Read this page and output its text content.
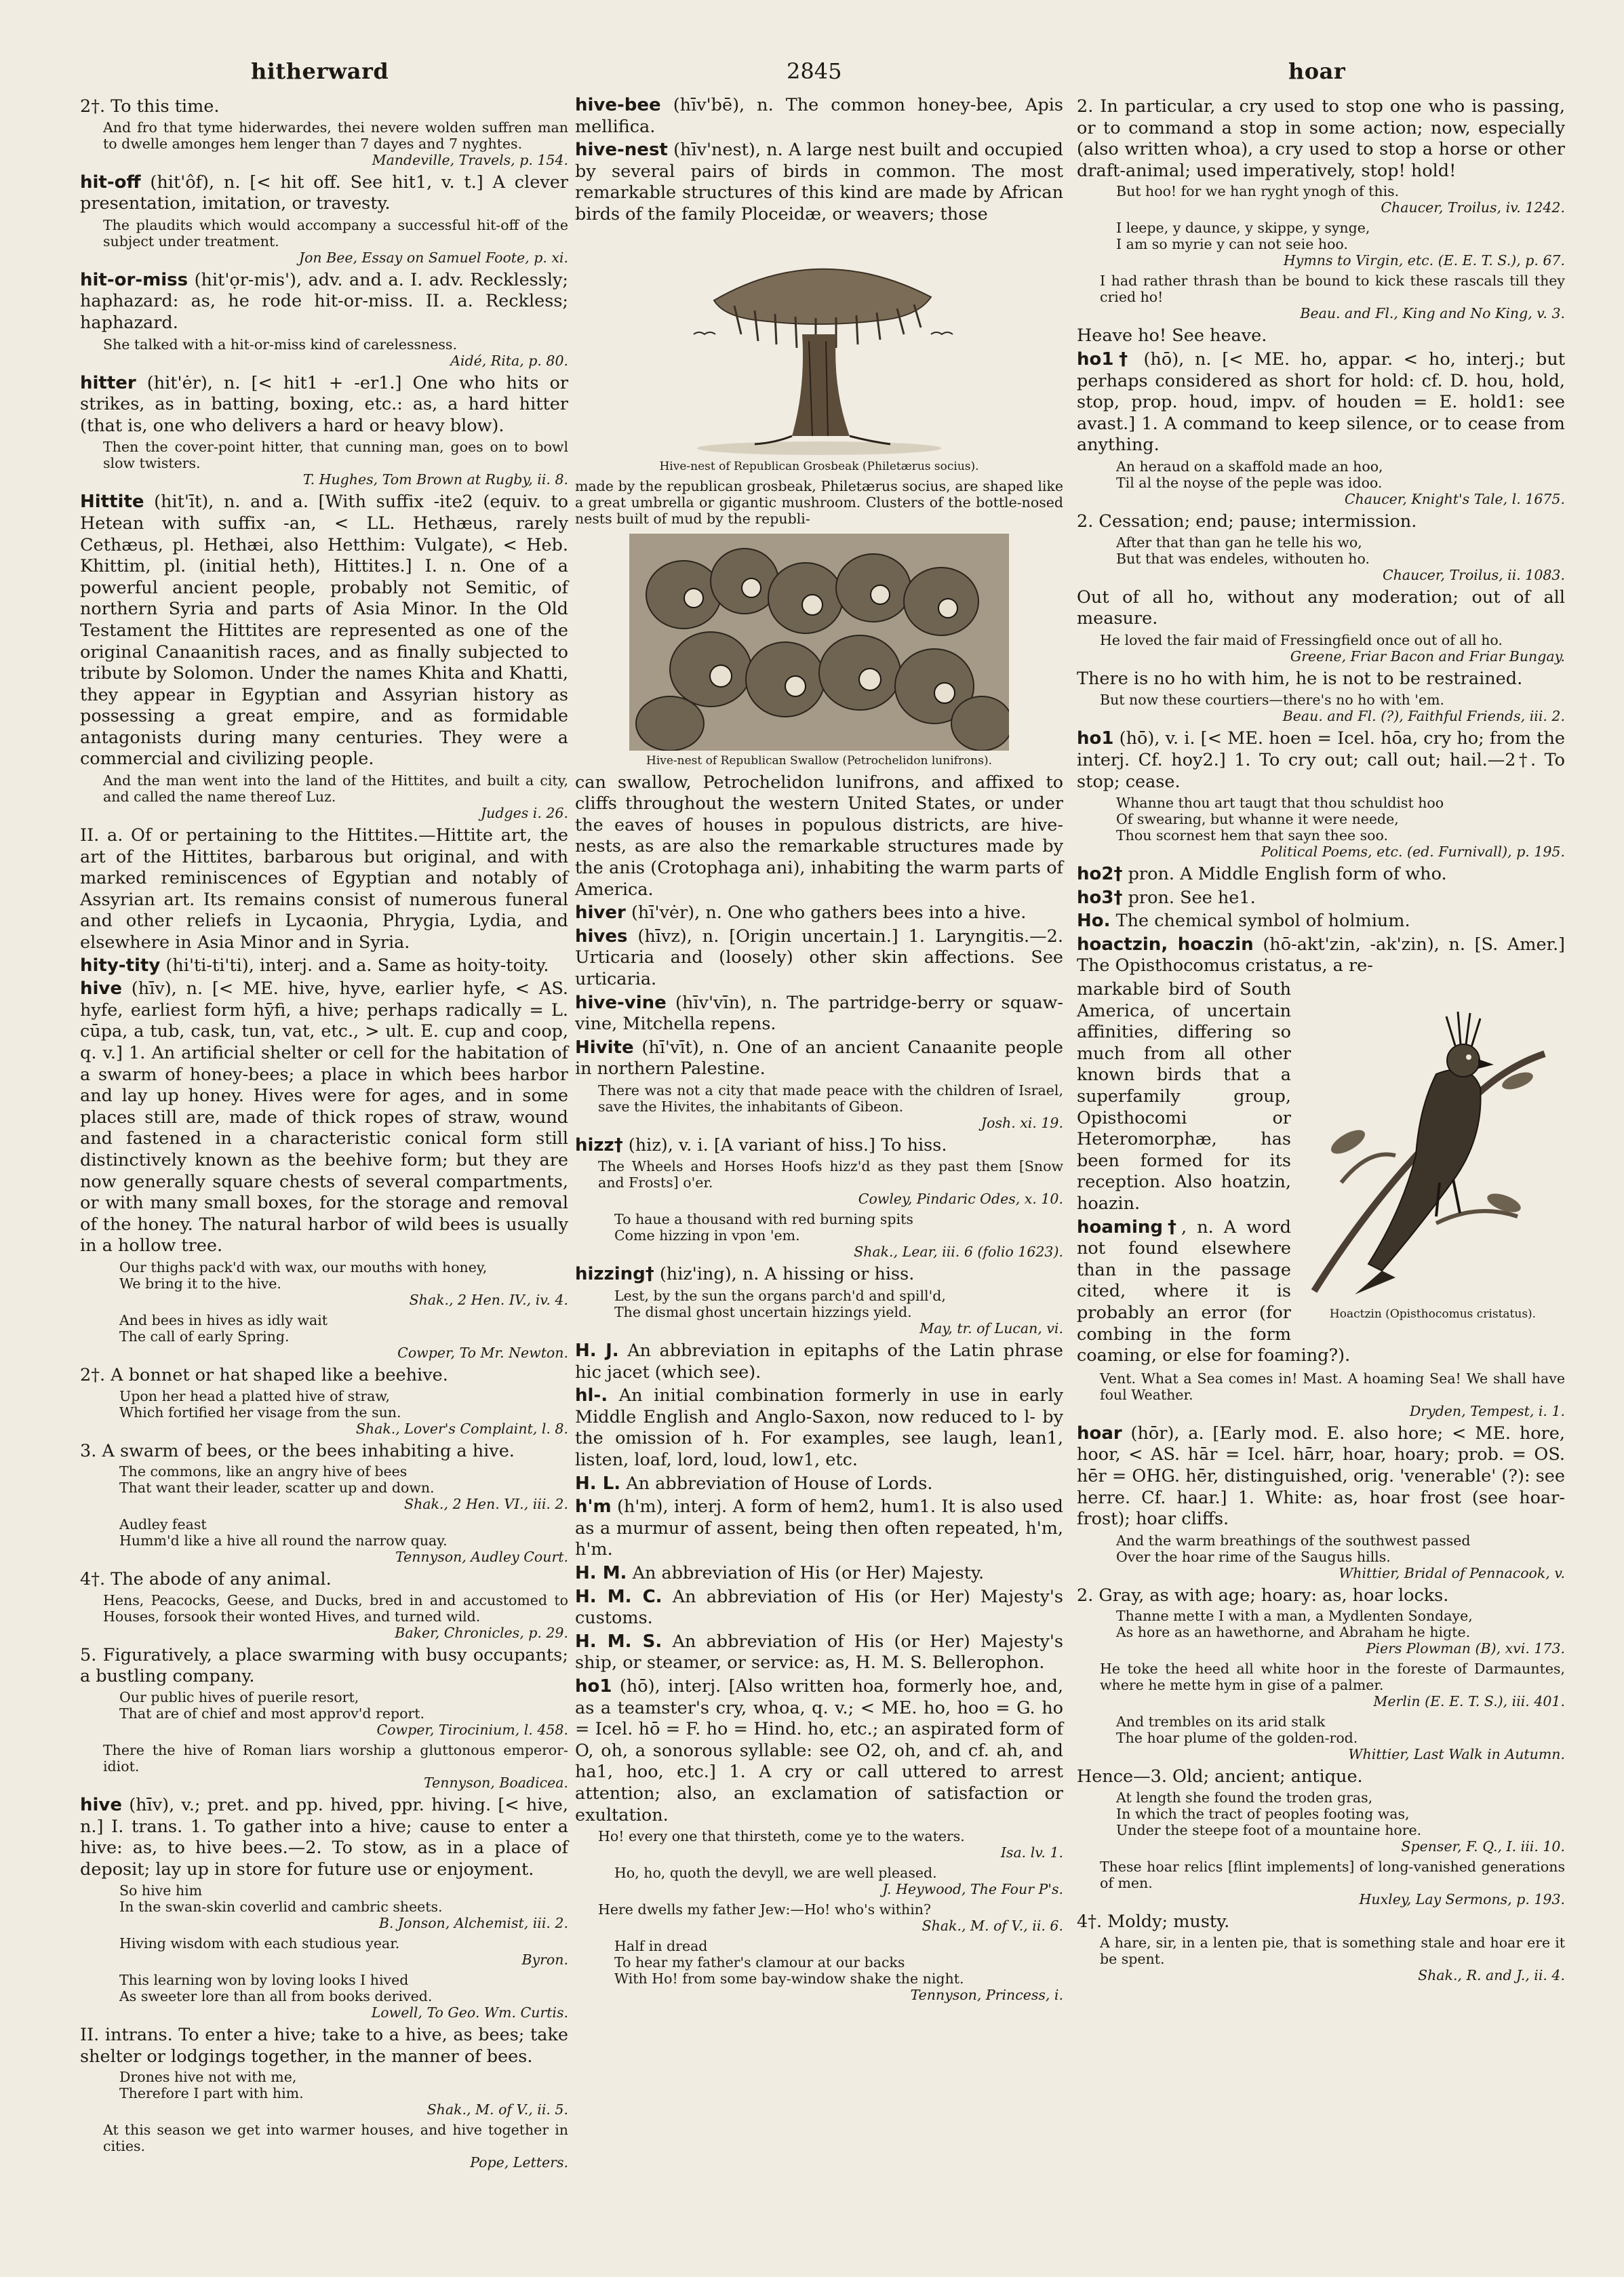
hitherward	2845	hoar
2†. To this time.
And fro that tyme hiderwardes, thei nevere wolden suffren man to dwelle amonges hem lenger than 7 dayes and 7 nyghtes.
Mandeville, Travels, p. 154.
hit-off (hit'ôf), n. [< hit off. See hit1, v. t.] A clever presentation, imitation, or travesty.
The plaudits which would accompany a successful hit-off of the subject under treatment.
Jon Bee, Essay on Samuel Foote, p. xi.
hit-or-miss (hit'ọr-mis'), adv. and a. I. adv. Recklessly; haphazard: as, he rode hit-or-miss. II. a. Reckless; haphazard.
She talked with a hit-or-miss kind of carelessness.
Aidé, Rita, p. 80.
hitter (hit'ėr), n. [< hit1 + -er1.] One who hits or strikes, as in batting, boxing, etc.: as, a hard hitter (that is, one who delivers a hard or heavy blow).
Then the cover-point hitter, that cunning man, goes on to bowl slow twisters.
T. Hughes, Tom Brown at Rugby, ii. 8.
Hittite (hit'īt), n. and a. [With suffix -ite2 (equiv. to Hetean with suffix -an, < LL. Hethæus, rarely Cethæus, pl. Hethæi, also Hetthim: Vulgate), < Heb. Khittim, pl. (initial heth), Hittites.] I. n. One of a powerful ancient people, probably not Semitic, of northern Syria and parts of Asia Minor. In the Old Testament the Hittites are represented as one of the original Canaanitish races, and as finally subjected to tribute by Solomon. Under the names Khita and Khatti, they appear in Egyptian and Assyrian history as possessing a great empire, and as formidable antagonists during many centuries. They were a commercial and civilizing people.
And the man went into the land of the Hittites, and built a city, and called the name thereof Luz.
Judges i. 26.
II. a. Of or pertaining to the Hittites.—Hittite art, the art of the Hittites, barbarous but original, and with marked reminiscences of Egyptian and notably of Assyrian art. Its remains consist of numerous funeral and other reliefs in Lycaonia, Phrygia, Lydia, and elsewhere in Asia Minor and in Syria.
hity-tity (hi'ti-ti'ti), interj. and a. Same as hoity-toity.
hive (hīv), n. [< ME. hive, hyve, earlier hyfe, < AS. hyfe, earliest form hȳfi, a hive; perhaps radically = L. cūpa, a tub, cask, tun, vat, etc., > ult. E. cup and coop, q. v.] 1. An artificial shelter or cell for the habitation of a swarm of honey-bees; a place in which bees harbor and lay up honey. Hives were for ages, and in some places still are, made of thick ropes of straw, wound and fastened in a characteristic conical form still distinctively known as the beehive form; but they are now generally square chests of several compartments, or with many small boxes, for the storage and removal of the honey. The natural harbor of wild bees is usually in a hollow tree.
Our thighs pack'd with wax, our mouths with honey,
We bring it to the hive.
Shak., 2 Hen. IV., iv. 4.
And bees in hives as idly wait
The call of early Spring.
Cowper, To Mr. Newton.
2†. A bonnet or hat shaped like a beehive.
Upon her head a platted hive of straw,
Which fortified her visage from the sun.
Shak., Lover's Complaint, l. 8.
3. A swarm of bees, or the bees inhabiting a hive.
The commons, like an angry hive of bees
That want their leader, scatter up and down.
Shak., 2 Hen. VI., iii. 2.
Audley feast
Humm'd like a hive all round the narrow quay.
Tennyson, Audley Court.
4†. The abode of any animal.
Hens, Peacocks, Geese, and Ducks, bred in and accustomed to Houses, forsook their wonted Hives, and turned wild.
Baker, Chronicles, p. 29.
5. Figuratively, a place swarming with busy occupants; a bustling company.
Our public hives of puerile resort,
That are of chief and most approv'd report.
Cowper, Tirocinium, l. 458.
There the hive of Roman liars worship a gluttonous emperor-idiot.
Tennyson, Boadicea.
hive (hīv), v.; pret. and pp. hived, ppr. hiving. [< hive, n.] I. trans. 1. To gather into a hive; cause to enter a hive: as, to hive bees.—2. To stow, as in a place of deposit; lay up in store for future use or enjoyment.
So hive him
In the swan-skin coverlid and cambric sheets.
B. Jonson, Alchemist, iii. 2.
Hiving wisdom with each studious year.
Byron.
This learning won by loving looks I hived
As sweeter lore than all from books derived.
Lowell, To Geo. Wm. Curtis.
II. intrans. To enter a hive; take to a hive, as bees; take shelter or lodgings together, in the manner of bees.
Drones hive not with me,
Therefore I part with him.
Shak., M. of V., ii. 5.
At this season we get into warmer houses, and hive together in cities.
Pope, Letters.
hive-bee (hīv'bē), n. The common honey-bee, Apis mellifica.
hive-nest (hīv'nest), n. A large nest built and occupied by several pairs of birds in common. The most remarkable structures of this kind are made by African birds of the family Ploceidæ, or weavers; those
Hive-nest of Republican Grosbeak (Philetærus socius).
made by the republican grosbeak, Philetærus socius, are shaped like a great umbrella or gigantic mushroom. Clusters of the bottle-nosed nests built of mud by the republi-
Hive-nest of Republican Swallow (Petrochelidon lunifrons).
can swallow, Petrochelidon lunifrons, and affixed to cliffs throughout the western United States, or under the eaves of houses in populous districts, are hive-nests, as are also the remarkable structures made by the anis (Crotophaga ani), inhabiting the warm parts of America.
hiver (hī'vėr), n. One who gathers bees into a hive.
hives (hīvz), n. [Origin uncertain.] 1. Laryngitis.—2. Urticaria and (loosely) other skin affections. See urticaria.
hive-vine (hīv'vīn), n. The partridge-berry or squaw-vine, Mitchella repens.
Hivite (hī'vīt), n. One of an ancient Canaanite people in northern Palestine.
There was not a city that made peace with the children of Israel, save the Hivites, the inhabitants of Gibeon.
Josh. xi. 19.
hizz† (hiz), v. i. [A variant of hiss.] To hiss.
The Wheels and Horses Hoofs hizz'd as they past them [Snow and Frosts] o'er.
Cowley, Pindaric Odes, x. 10.
To haue a thousand with red burning spits
Come hizzing in vpon 'em.
Shak., Lear, iii. 6 (folio 1623).
hizzing† (hiz'ing), n. A hissing or hiss.
Lest, by the sun the organs parch'd and spill'd,
The dismal ghost uncertain hizzings yield.
May, tr. of Lucan, vi.
H. J. An abbreviation in epitaphs of the Latin phrase hic jacet (which see).
hl-. An initial combination formerly in use in early Middle English and Anglo-Saxon, now reduced to l- by the omission of h. For examples, see laugh, lean1, listen, loaf, lord, loud, low1, etc.
H. L. An abbreviation of House of Lords.
h'm (h'm), interj. A form of hem2, hum1. It is also used as a murmur of assent, being then often repeated, h'm, h'm.
H. M. An abbreviation of His (or Her) Majesty.
H. M. C. An abbreviation of His (or Her) Majesty's customs.
H. M. S. An abbreviation of His (or Her) Majesty's ship, or steamer, or service: as, H. M. S. Bellerophon.
ho1 (hō), interj. [Also written hoa, formerly hoe, and, as a teamster's cry, whoa, q. v.; < ME. ho, hoo = G. ho = Icel. hō = F. ho = Hind. ho, etc.; an aspirated form of O, oh, a sonorous syllable: see O2, oh, and cf. ah, and ha1, hoo, etc.] 1. A cry or call uttered to arrest attention; also, an exclamation of satisfaction or exultation.
Ho! every one that thirsteth, come ye to the waters.
Isa. lv. 1.
Ho, ho, quoth the devyll, we are well pleased.
J. Heywood, The Four P's.
Here dwells my father Jew:—Ho! who's within?
Shak., M. of V., ii. 6.
Half in dread
To hear my father's clamour at our backs
With Ho! from some bay-window shake the night.
Tennyson, Princess, i.
2. In particular, a cry used to stop one who is passing, or to command a stop in some action; now, especially (also written whoa), a cry used to stop a horse or other draft-animal; used imperatively, stop! hold!
But hoo! for we han ryght ynogh of this.
Chaucer, Troilus, iv. 1242.
I leepe, y daunce, y skippe, y synge,
I am so myrie y can not seie hoo.
Hymns to Virgin, etc. (E. E. T. S.), p. 67.
I had rather thrash than be bound to kick these rascals till they cried ho!
Beau. and Fl., King and No King, v. 3.
Heave ho! See heave.
ho1† (hō), n. [< ME. ho, appar. < ho, interj.; but perhaps considered as short for hold: cf. D. hou, hold, stop, prop. houd, impv. of houden = E. hold1: see avast.] 1. A command to keep silence, or to cease from anything.
An heraud on a skaffold made an hoo,
Til al the noyse of the peple was idoo.
Chaucer, Knight's Tale, l. 1675.
2. Cessation; end; pause; intermission.
After that than gan he telle his wo,
But that was endeles, withouten ho.
Chaucer, Troilus, ii. 1083.
Out of all ho, without any moderation; out of all measure.
He loved the fair maid of Fressingfield once out of all ho.
Greene, Friar Bacon and Friar Bungay.
There is no ho with him, he is not to be restrained.
But now these courtiers—there's no ho with 'em.
Beau. and Fl. (?), Faithful Friends, iii. 2.
ho1 (hō), v. i. [< ME. hoen = Icel. hōa, cry ho; from the interj. Cf. hoy2.] 1. To cry out; call out; hail.—2†. To stop; cease.
Whanne thou art taugt that thou schuldist hoo
Of swearing, but whanne it were neede,
Thou scornest hem that sayn thee soo.
Political Poems, etc. (ed. Furnivall), p. 195.
ho2† pron. A Middle English form of who.
ho3† pron. See he1.
Ho. The chemical symbol of holmium.
hoactzin, hoaczin (hō-akt'zin, -ak'zin), n. [S. Amer.] The Opisthocomus cristatus, a re-
Hoactzin (Opisthocomus cristatus).
markable bird of South America, of uncertain affinities, differing so much from all other known birds that a superfamily group, Opisthocomi or Heteromorphæ, has been formed for its reception. Also hoatzin, hoazin.
hoaming†, n. A word not found elsewhere than in the passage cited, where it is probably an error (for combing in the form coaming, or else for foaming?).
Vent. What a Sea comes in! Mast. A hoaming Sea! We shall have foul Weather.
Dryden, Tempest, i. 1.
hoar (hōr), a. [Early mod. E. also hore; < ME. hore, hoor, < AS. hār = Icel. hārr, hoar, hoary; prob. = OS. hēr = OHG. hēr, distinguished, orig. 'venerable' (?): see herre. Cf. haar.] 1. White: as, hoar frost (see hoar-frost); hoar cliffs.
And the warm breathings of the southwest passed
Over the hoar rime of the Saugus hills.
Whittier, Bridal of Pennacook, v.
2. Gray, as with age; hoary: as, hoar locks.
Thanne mette I with a man, a Mydlenten Sondaye,
As hore as an hawethorne, and Abraham he higte.
Piers Plowman (B), xvi. 173.
He toke the heed all white hoor in the foreste of Darmauntes, where he mette hym in gise of a palmer.
Merlin (E. E. T. S.), iii. 401.
And trembles on its arid stalk
The hoar plume of the golden-rod.
Whittier, Last Walk in Autumn.
Hence—3. Old; ancient; antique.
At length she found the troden gras,
In which the tract of peoples footing was,
Under the steepe foot of a mountaine hore.
Spenser, F. Q., I. iii. 10.
These hoar relics [flint implements] of long-vanished generations of men.
Huxley, Lay Sermons, p. 193.
4†. Moldy; musty.
A hare, sir, in a lenten pie, that is something stale and hoar ere it be spent.
Shak., R. and J., ii. 4.
